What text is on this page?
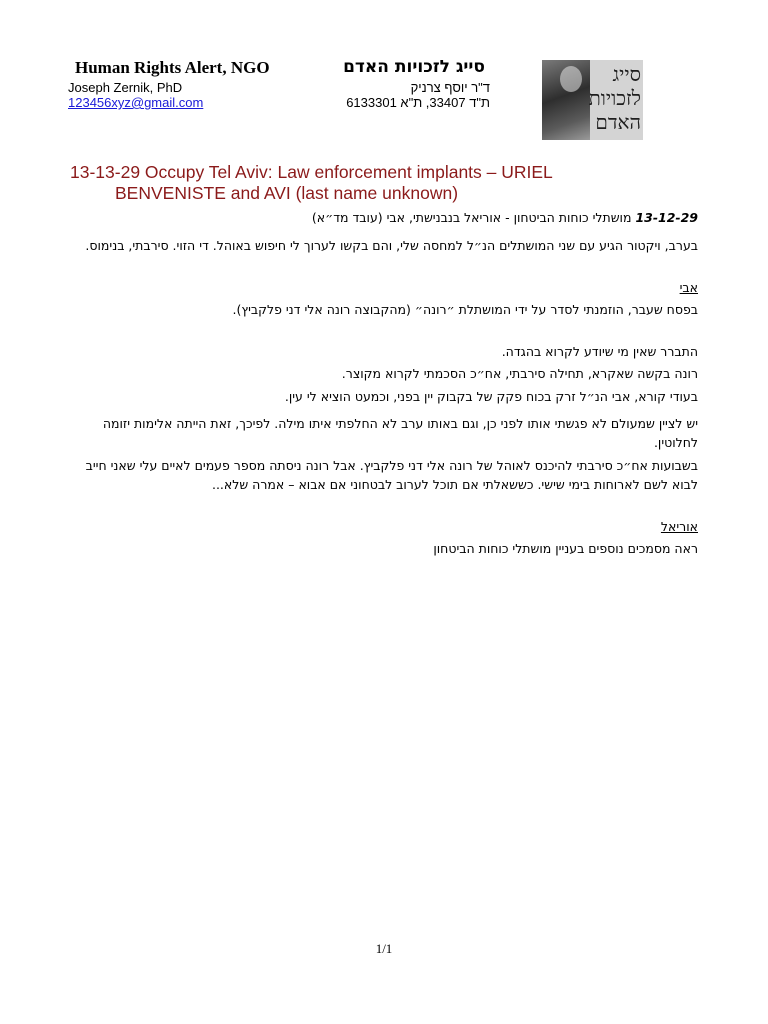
Human Rights Alert, NGO	סייג לזכויות האדם
Joseph Zernik, PhD	ד"ר יוסף צרניק
123456xyz@gmail.com	ת"ד 33407, ת"א 6133301
סייג
לזכויות
האדם
13-13-29 Occupy Tel Aviv: Law enforcement implants – URIEL
BENVENISTE and AVI (last name unknown)
13-12-29 מושתלי כוחות הביטחון - אוריאל בנבנישתי, אבי (עובד מד״א)
בערב, ויקטור הגיע עם שני המושתלים הנ״ל למחסה שלי, והם בקשו לערוך לי חיפוש באוהל. די הזוי. סירבתי, בנימוס.
אבי
בפסח שעבר, הוזמנתי לסדר על ידי המושתלת ״רונה״ (מהקבוצה רונה אלי דני פלקביץ).
התברר שאין מי שיודע לקרוא בהגדה.
רונה בקשה שאקרא, תחילה סירבתי, אח״כ הסכמתי לקרוא מקוצר.
בעודי קורא, אבי הנ״ל זרק בכוח פקק של בקבוק יין בפני, וכמעט הוציא לי עין.
יש לציין שמעולם לא פגשתי אותו לפני כן, וגם באותו ערב לא החלפתי איתו מילה. לפיכך, זאת הייתה אלימות יזומה לחלוטין.
בשבועות אח״כ סירבתי להיכנס לאוהל של רונה אלי דני פלקביץ. אבל רונה ניסתה מספר פעמים לאיים עלי שאני חייב לבוא לשם לארוחות בימי שישי. כששאלתי אם תוכל לערוב לבטחוני אם אבוא – אמרה שלא...
אוריאל
ראה מסמכים נוספים בעניין מושתלי כוחות הביטחון
1/1
